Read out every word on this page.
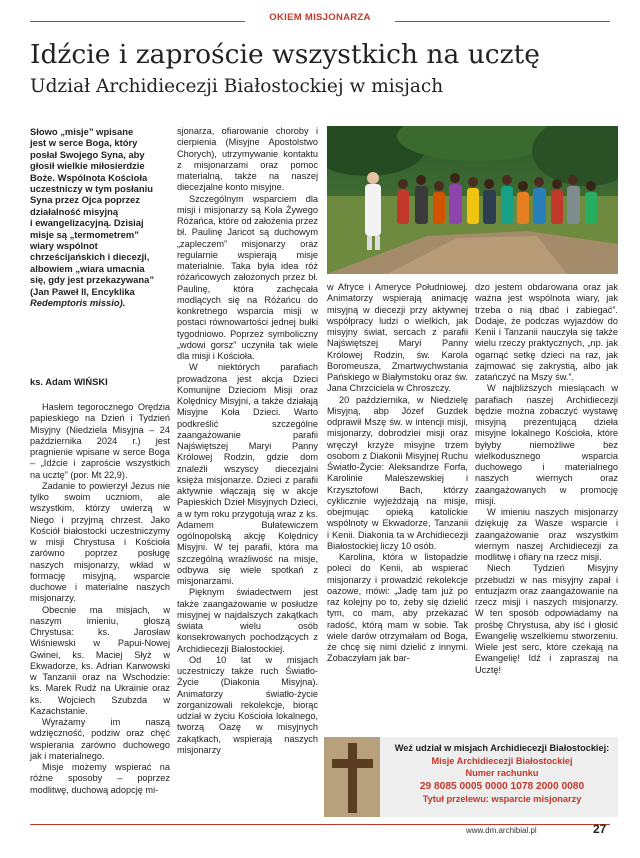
OKIEM MISJONARZA
Idźcie i zaproście wszystkich na ucztę
Udział Archidiecezji Białostockiej w misjach
Słowo „misje” wpisane
jest w serce Boga, który
posłał Swojego Syna, aby
głosił wielkie miłosierdzie
Boże. Wspólnota Kościoła
uczestniczy w tym posłaniu
Syna przez Ojca poprzez
działalność misyjną
i ewangelizacyjną. Dzisiaj
misje są „termometrem”
wiary wspólnot
chrześcijańskich i diecezji,
albowiem „wiara umacnia
się, gdy jest przekazywana”
(Jan Paweł II, Encyklika
Redemptoris missio).
ks. Adam WIŃSKI

Hasłem tegorocznego Orędzia papieskiego na Dzień i Tydzień Misyjny (Niedziela Misyjna – 24 października 2024 r.) jest pragnienie wpisane w serce Boga – „Idźcie i zaproście wszystkich na ucztę” (por. Mt 22,9).

Zadanie to powierzył Jezus nie tylko swoim uczniom, ale wszystkim, którzy uwierzą w Niego i przyjmą chrzest. Jako Kościół białostocki uczestniczymy w misji Chrystusa i Kościoła zarówno poprzez posługę naszych misjonarzy, wkład w formację misyjną, wsparcie duchowe i materialne naszych misjonarzy.

Obecnie ma misjach, w naszym imieniu, głoszą Chrystusa: ks. Jarosław Wiśniewski w Papui-Nowej Gwinei, ks. Maciej Słyż w Ekwadorze, ks. Adrian Karwowski w Tanzanii oraz na Wschodzie: ks. Marek Rudź na Ukrainie oraz ks. Wojciech Szubzda w Kazachstanie.

Wyrażamy im naszą wdzięczność, podziw oraz chęć wspierania zarówno duchowego jak i materialnego.

Misje możemy wspierać na różne sposoby – poprzez modlitwę, duchową adopcję mi-

sjonarza, ofiarowanie choroby i cierpienia (Misyjne Apostolstwo Chorych), utrzymywanie kontaktu z misjonarzami oraz pomoc materialną, także na naszej diecezjalne konto misyjne.

Szczególnym wsparciem dla misji i misjonarzy są Koła Żywego Różańca, które od założenia przez bł. Paulinę Jaricot są duchowym „zapleczem” misjonarzy oraz regularnie wspierają misje materialnie. Taka była idea róż różańcowych założonych przez bł. Paulinę, która zachęcała modlących się na Różańcu do konkretnego wsparcia misji w postaci równowartości jednej bułki tygodniowo. Poprzez symboliczny „wdowi gorsz” uczyniła tak wiele dla misji i Kościoła.

W niektórych parafiach prowadzona jest akcja Dzieci Komunijne Dzieciom Misji oraz Kolędnicy Misyjni, a także działają Misyjne Koła Dzieci. Warto podkreślić szczególne zaangażowanie parafii Najświętszej Maryi Panny Królowej Rodzin, gdzie dom znaleźli wszyscy diecezjalni księża misjonarze. Dzieci z parafii aktywnie włączają się w akcje Papieskich Dzieł Misyjnych Dzieci, a w tym roku przygotują wraz z ks. Adamem Bułatewiczem ogólnopolską akcję Kolędnicy Misyjni. W tej parafii, która ma szczególną wrażliwość na misje, odbywa się wiele spotkań z misjonarzami.

Pięknym świadectwem jest także zaangażowanie w posłudze misyjnej w najdalszych zakątkach świata wielu osób konsekrowanych pochodzących z Archidiecezji Białostockiej.

Od 10 lat w misjach uczestniczy także ruch Światło-Życie (Diakonia Misyjna). Animatorzy światło-życie zorganizowali rekolekcje, biorąc udział w życiu Kościoła lokalnego, tworzą Oazę w misyjnych zakątkach, wspierają naszych misjonarzy

w Afryce i Ameryce Południowej. Animatorzy wspierają animację misyjną w diecezji przy aktywnej współpracy ludzi o wielkich, jak misyjny świat, sercach z parafii Najświętszej Maryi Panny Królowej Rodzin, św. Karola Boromeusza, Zmartwychwstania Pańskiego w Białymstoku oraz św. Jana Chrzciciela w Chroszczy.

20 października, w Niedzielę Misyjną, abp Józef Guzdek odprawił Mszę św. w intencji misji, misjonarzy, dobrodziei misji oraz wręczył krzyże misyjne trzem osobom z Diakonii Misyjnej Ruchu Światło-Życie: Aleksandrze Forfa, Karolinie Maleszewskiej i Krzysztofowi Bach, którzy cyklicznie wyjeżdżają na misje, obejmując opieką katolickie wspólnoty w Ekwadorze, Tanzanii i Kenii. Diakonia ta w Archidiecezji Białostockiej liczy 10 osób.

Karolina, która w listopadzie poleci do Kenii, ab wspierać misjonarzy i prowadzić rekolekcje oazowe, mówi: „Jadę tam już po raz kolejny po to, żeby się dzielić tym, co mam, aby przekazać radość, którą mam w sobie. Tak wiele darów otrzymałam od Boga, że chcę się nimi dzielić z innymi. Zobaczyłam jak bar-

dzo jestem obdarowana oraz jak ważna jest wspólnota wiary, jak trzeba o nią dbać i zabiegać”. Dodaje, że podczas wyjazdów do Kenii i Tanzanii nauczyła się także wielu rzeczy praktycznych, „np. jak ogarnąć setkę dzieci na raz, jak zajmować się zakrystią, albo jak zatańczyć na Mszy św.”.

W najbliższych miesiącach w parafiach naszej Archidiecezji będzie można zobaczyć wystawę misyjną prezentującą dzieła misyjne lokalnego Kościoła, które byłyby niemożliwe bez wielkodusznego wsparcia duchowego i materialnego naszych wiernych oraz zaangażowanych w promocję misji.

W imieniu naszych misjonarzy dziękuję za Wasze wsparcie i zaangażowanie oraz wszystkim wiernym naszej Archidiecezji za modlitwę i ofiary na rzecz misji.

Niech Tydzień Misyjny przebudzi w nas misyjny zapał i entuzjazm oraz zaangażowanie na rzecz misji i naszych misjonarzy. W ten sposób odpowiadamy na prośbę Chrystusa, aby iść i głosić Ewangelię wszelkiemu stworzeniu. Wiele jest serc, które czekają na Ewangelię! Idź i zapraszaj na Ucztę!

Weź udział w misjach Archidiecezji Białostockiej:
Misje Archidiecezji Białostockiej
Numer rachunku
29 8085 0005 0000 1078 2000 0080
Tytuł przelewu: wsparcie misjonarzy
www.dm.archibial.pl	27
